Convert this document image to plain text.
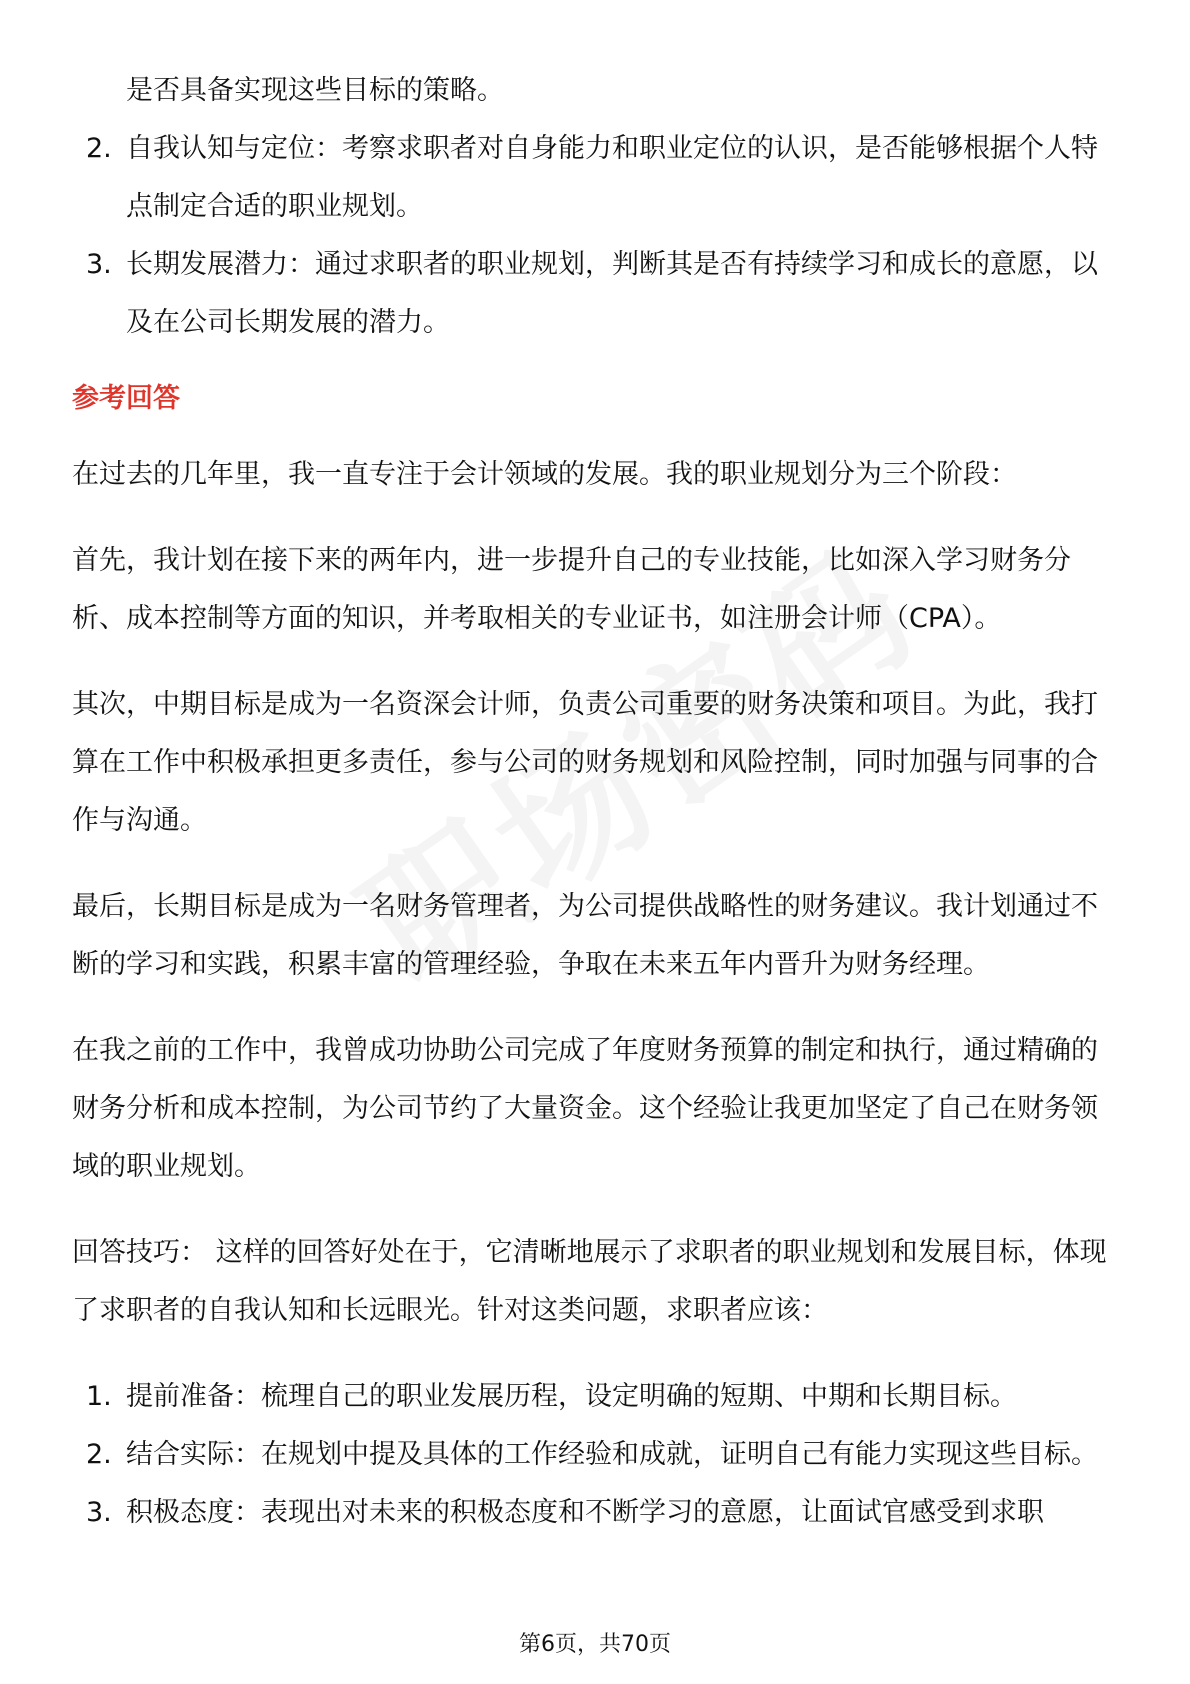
是否具备实现这些目标的策略。

2. 自我认知与定位：考察求职者对自身能力和职业定位的认识，是否能够根据个人特点制定合适的职业规划。
3. 长期发展潜力：通过求职者的职业规划，判断其是否有持续学习和成长的意愿，以及在公司长期发展的潜力。

参考回答

在过去的几年里，我一直专注于会计领域的发展。我的职业规划分为三个阶段：

首先，我计划在接下来的两年内，进一步提升自己的专业技能，比如深入学习财务分析、成本控制等方面的知识，并考取相关的专业证书，如注册会计师（CPA）。

其次，中期目标是成为一名资深会计师，负责公司重要的财务决策和项目。为此，我打算在工作中积极承担更多责任，参与公司的财务规划和风险控制，同时加强与同事的合作与沟通。

最后，长期目标是成为一名财务管理者，为公司提供战略性的财务建议。我计划通过不断的学习和实践，积累丰富的管理经验，争取在未来五年内晋升为财务经理。

在我之前的工作中，我曾成功协助公司完成了年度财务预算的制定和执行，通过精确的财务分析和成本控制，为公司节约了大量资金。这个经验让我更加坚定了自己在财务领域的职业规划。

回答技巧： 这样的回答好处在于，它清晰地展示了求职者的职业规划和发展目标，体现了求职者的自我认知和长远眼光。针对这类问题，求职者应该：

1. 提前准备：梳理自己的职业发展历程，设定明确的短期、中期和长期目标。
2. 结合实际：在规划中提及具体的工作经验和成就，证明自己有能力实现这些目标。
3. 积极态度：表现出对未来的积极态度和不断学习的意愿，让面试官感受到求职
第6页，共70页
